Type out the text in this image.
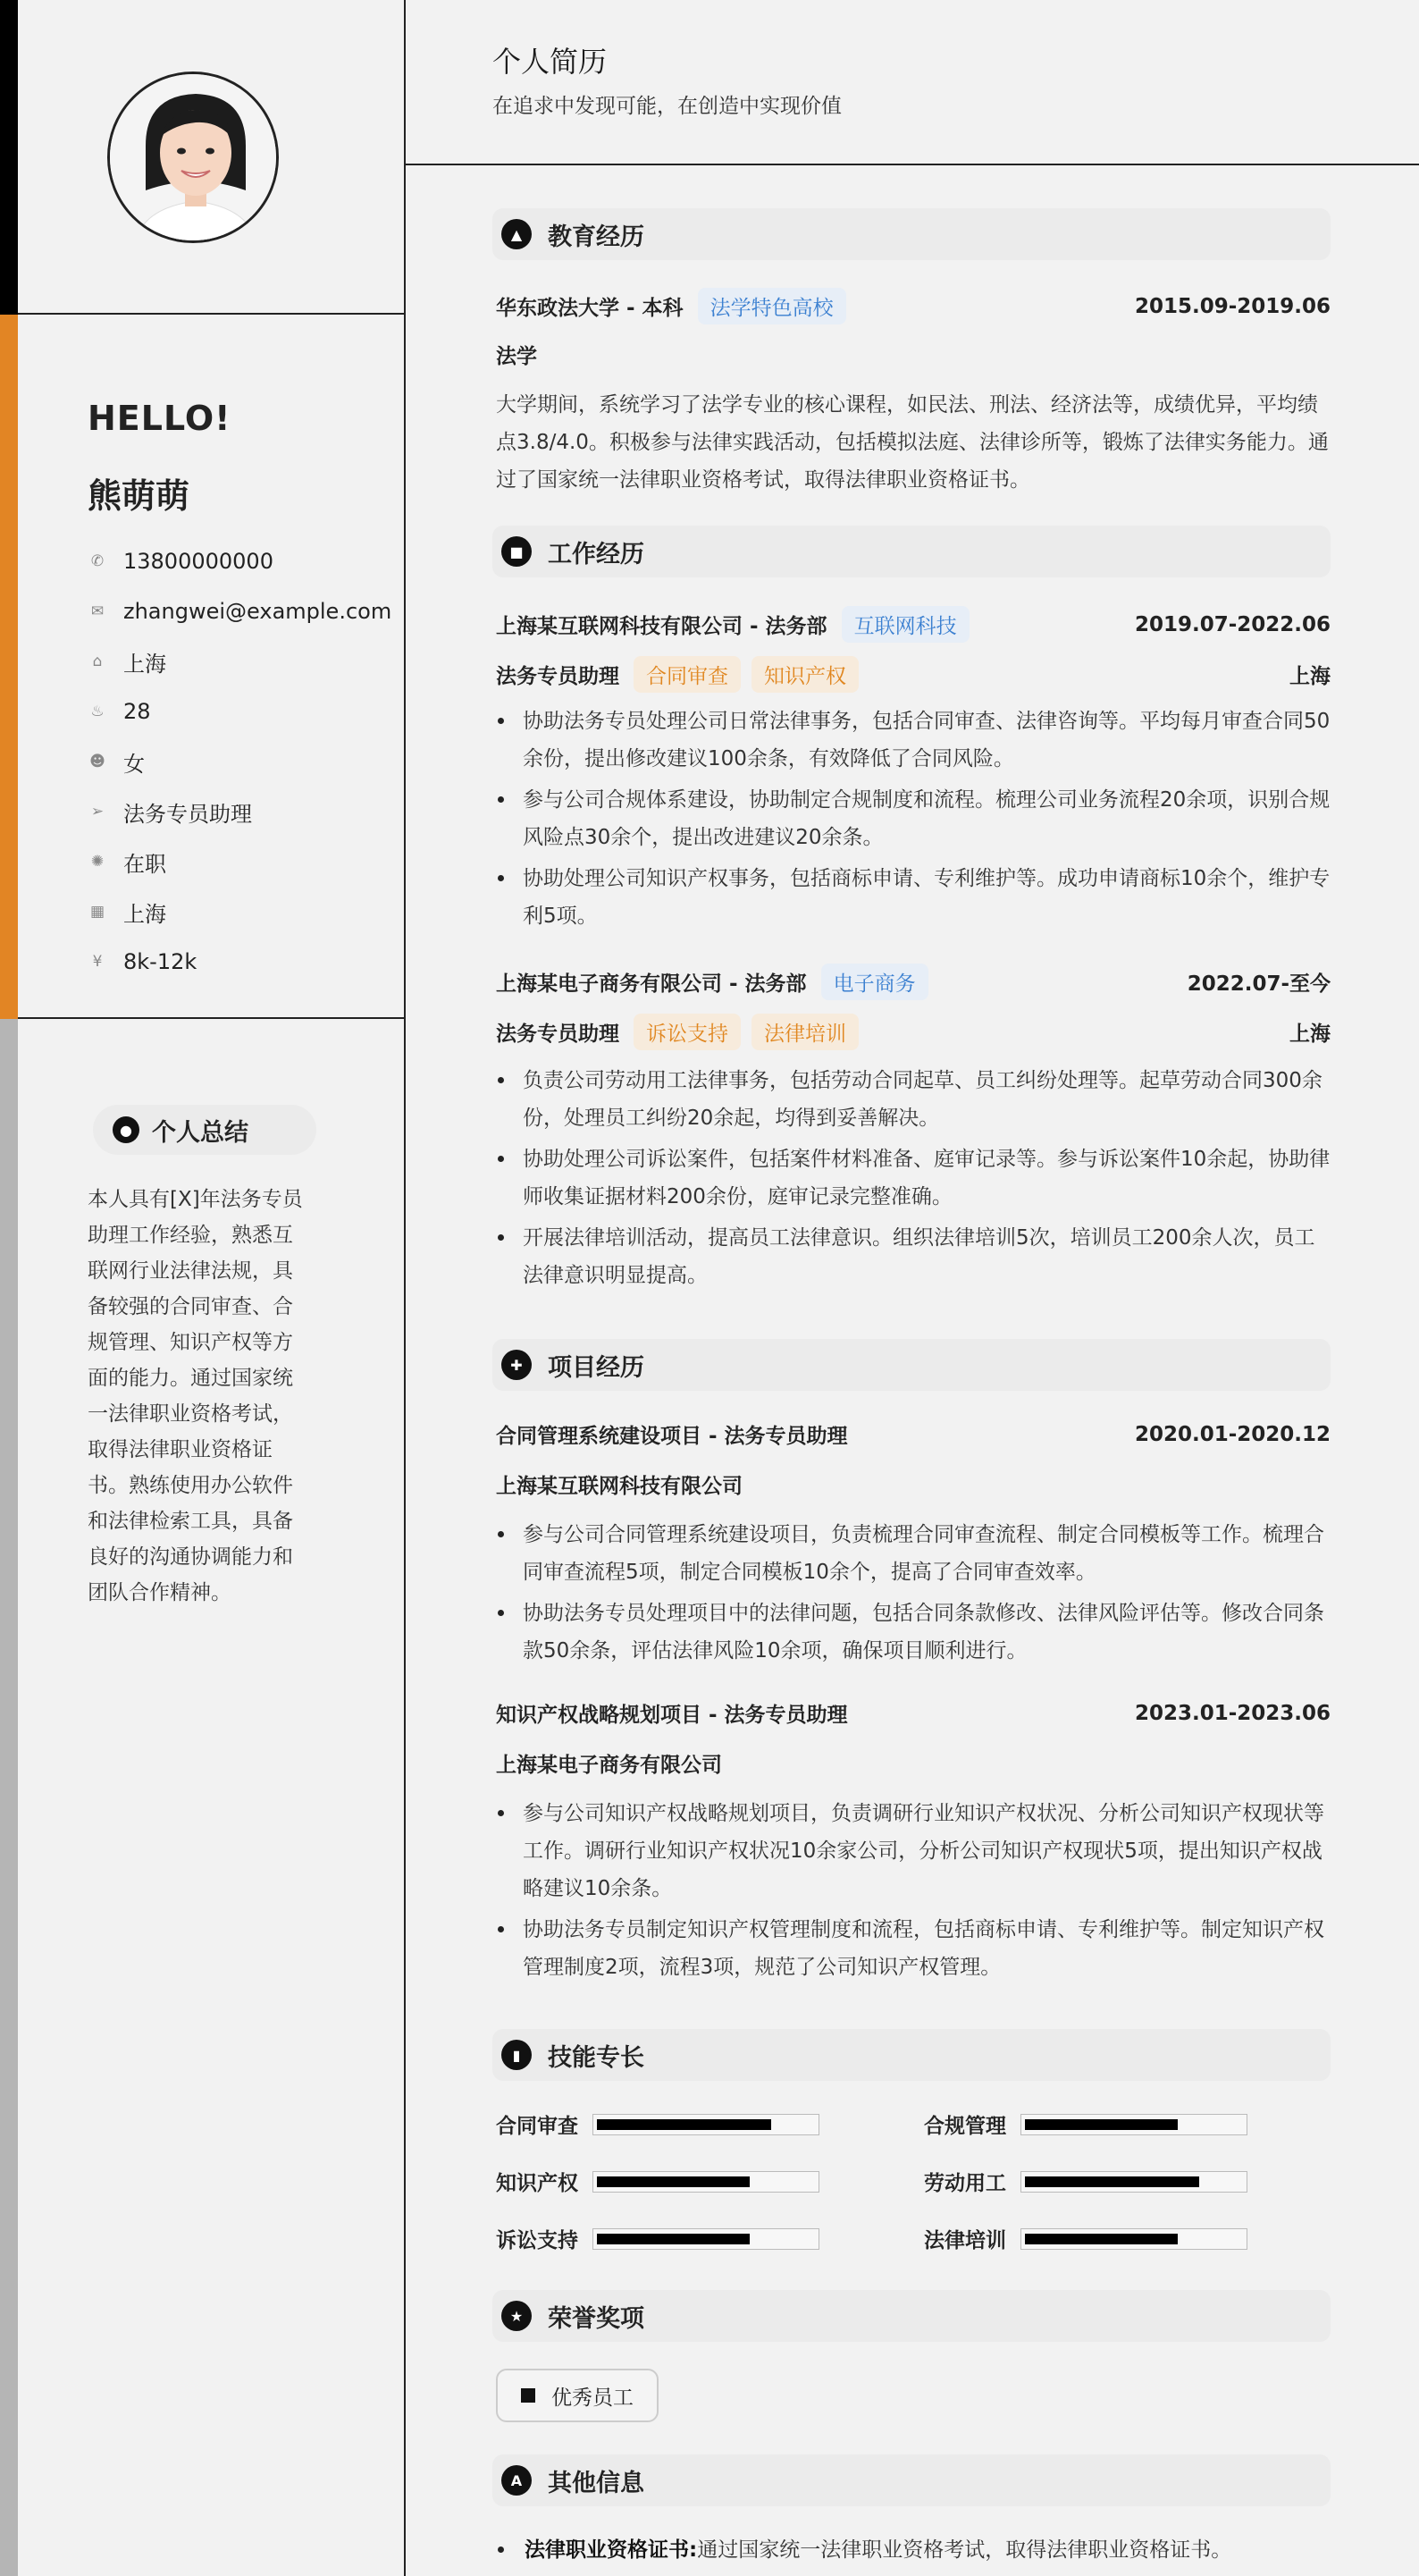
HELLO!
熊萌萌
✆ 13800000000
✉ zhangwei@example.com
⌂ 上海
♨ 28
☻ 女
➢ 法务专员助理
✺ 在职
▦ 上海
¥ 8k-12k
● 个人总结
本人具有[X]年法务专员助理工作经验，熟悉互联网行业法律法规，具备较强的合同审查、合规管理、知识产权等方面的能力。通过国家统一法律职业资格考试，取得法律职业资格证书。熟练使用办公软件和法律检索工具，具备良好的沟通协调能力和团队合作精神。
个人简历
在追求中发现可能，在创造中实现价值
▲	教育经历
华东政法大学 - 本科	法学特色高校	2015.09-2019.06
法学
大学期间，系统学习了法学专业的核心课程，如民法、刑法、经济法等，成绩优异，平均绩点3.8/4.0。积极参与法律实践活动，包括模拟法庭、法律诊所等，锻炼了法律实务能力。通过了国家统一法律职业资格考试，取得法律职业资格证书。
■	工作经历
上海某互联网科技有限公司 - 法务部	互联网科技	2019.07-2022.06
法务专员助理	合同审查	知识产权	上海
协助法务专员处理公司日常法律事务，包括合同审查、法律咨询等。平均每月审查合同50余份，提出修改建议100余条，有效降低了合同风险。
参与公司合规体系建设，协助制定合规制度和流程。梳理公司业务流程20余项，识别合规风险点30余个，提出改进建议20余条。
协助处理公司知识产权事务，包括商标申请、专利维护等。成功申请商标10余个，维护专利5项。
上海某电子商务有限公司 - 法务部	电子商务	2022.07-至今
法务专员助理	诉讼支持	法律培训	上海
负责公司劳动用工法律事务，包括劳动合同起草、员工纠纷处理等。起草劳动合同300余份，处理员工纠纷20余起，均得到妥善解决。
协助处理公司诉讼案件，包括案件材料准备、庭审记录等。参与诉讼案件10余起，协助律师收集证据材料200余份，庭审记录完整准确。
开展法律培训活动，提高员工法律意识。组织法律培训5次，培训员工200余人次，员工法律意识明显提高。
✚	项目经历
合同管理系统建设项目 - 法务专员助理	2020.01-2020.12
上海某互联网科技有限公司
参与公司合同管理系统建设项目，负责梳理合同审查流程、制定合同模板等工作。梳理合同审查流程5项，制定合同模板10余个，提高了合同审查效率。
协助法务专员处理项目中的法律问题，包括合同条款修改、法律风险评估等。修改合同条款50余条，评估法律风险10余项，确保项目顺利进行。
知识产权战略规划项目 - 法务专员助理	2023.01-2023.06
上海某电子商务有限公司
参与公司知识产权战略规划项目，负责调研行业知识产权状况、分析公司知识产权现状等工作。调研行业知识产权状况10余家公司，分析公司知识产权现状5项，提出知识产权战略建议10余条。
协助法务专员制定知识产权管理制度和流程，包括商标申请、专利维护等。制定知识产权管理制度2项，流程3项，规范了公司知识产权管理。
▮	技能专长
合同审查	合规管理
知识产权	劳动用工
诉讼支持	法律培训
★	荣誉奖项
优秀员工
A	其他信息
法律职业资格证书:通过国家统一法律职业资格考试，取得法律职业资格证书。
